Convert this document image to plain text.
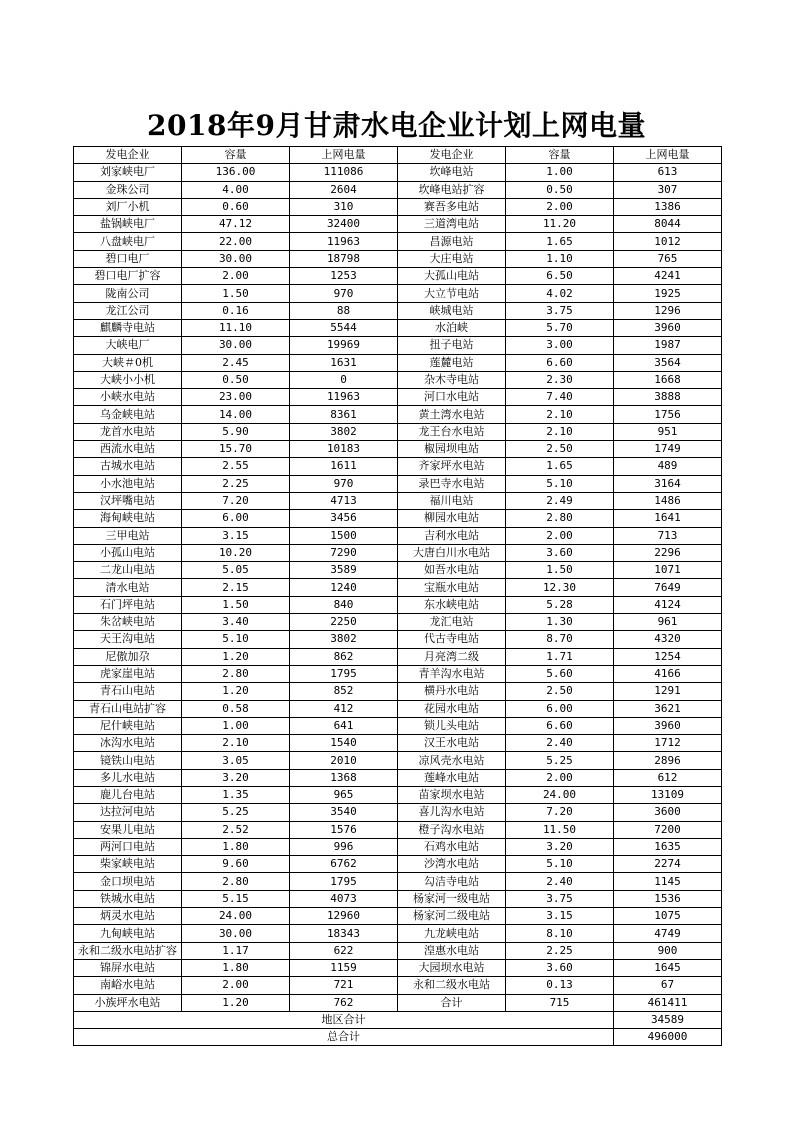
2018年9月甘肃水电企业计划上网电量
发电企业	容量	上网电量	发电企业	容量	上网电量
刘家峡电厂	136.00	111086	坎峰电站	1.00	613
金珠公司	4.00	2604	坎峰电站扩容	0.50	307
刘厂小机	0.60	310	赛吾多电站	2.00	1386
盐锅峡电厂	47.12	32400	三道湾电站	11.20	8044
八盘峡电厂	22.00	11963	昌源电站	1.65	1012
碧口电厂	30.00	18798	大庄电站	1.10	765
碧口电厂扩容	2.00	1253	大孤山电站	6.50	4241
陇南公司	1.50	970	大立节电站	4.02	1925
龙江公司	0.16	88	峡城电站	3.75	1296
麒麟寺电站	11.10	5544	水泊峡	5.70	3960
大峡电厂	30.00	19969	扭子电站	3.00	1987
大峡＃0机	2.45	1631	莲麓电站	6.60	3564
大峡小小机	0.50	0	杂木寺电站	2.30	1668
小峡水电站	23.00	11963	河口水电站	7.40	3888
乌金峡电站	14.00	8361	黄土湾水电站	2.10	1756
龙首水电站	5.90	3802	龙王台水电站	2.10	951
西流水电站	15.70	10183	椒园坝电站	2.50	1749
古城水电站	2.55	1611	齐家坪水电站	1.65	489
小水池电站	2.25	970	录巴寺水电站	5.10	3164
汉坪嘴电站	7.20	4713	福川电站	2.49	1486
海甸峡电站	6.00	3456	柳园水电站	2.80	1641
三甲电站	3.15	1500	吉利水电站	2.00	713
小孤山电站	10.20	7290	大唐白川水电站	3.60	2296
二龙山电站	5.05	3589	如吾水电站	1.50	1071
清水电站	2.15	1240	宝瓶水电站	12.30	7649
石门坪电站	1.50	840	东水峡电站	5.28	4124
朱岔峡电站	3.40	2250	龙汇电站	1.30	961
天王沟电站	5.10	3802	代古寺电站	8.70	4320
尼傲加尕	1.20	862	月亮湾二级	1.71	1254
虎家崖电站	2.80	1795	青羊沟水电站	5.60	4166
青石山电站	1.20	852	横丹水电站	2.50	1291
青石山电站扩容	0.58	412	花园水电站	6.00	3621
尼什峡电站	1.00	641	锁儿头电站	6.60	3960
冰沟水电站	2.10	1540	汉王水电站	2.40	1712
镜铁山电站	3.05	2010	凉风壳水电站	5.25	2896
多儿水电站	3.20	1368	莲峰水电站	2.00	612
鹿儿台电站	1.35	965	苗家坝水电站	24.00	13109
达拉河电站	5.25	3540	喜儿沟水电站	7.20	3600
安果儿电站	2.52	1576	橙子沟水电站	11.50	7200
两河口电站	1.80	996	石鸡水电站	3.20	1635
柴家峡电站	9.60	6762	沙湾水电站	5.10	2274
金口坝电站	2.80	1795	勾洁寺电站	2.40	1145
铁城水电站	5.15	4073	杨家河一级电站	3.75	1536
炳灵水电站	24.00	12960	杨家河二级电站	3.15	1075
九甸峡电站	30.00	18343	九龙峡电站	8.10	4749
永和二级水电站扩容	1.17	622	湟惠水电站	2.25	900
锦屏水电站	1.80	1159	大园坝水电站	3.60	1645
南峪水电站	2.00	721	永和二级水电站	0.13	67
小族坪水电站	1.20	762	合计	715	461411
地区合计					34589
总合计					496000
